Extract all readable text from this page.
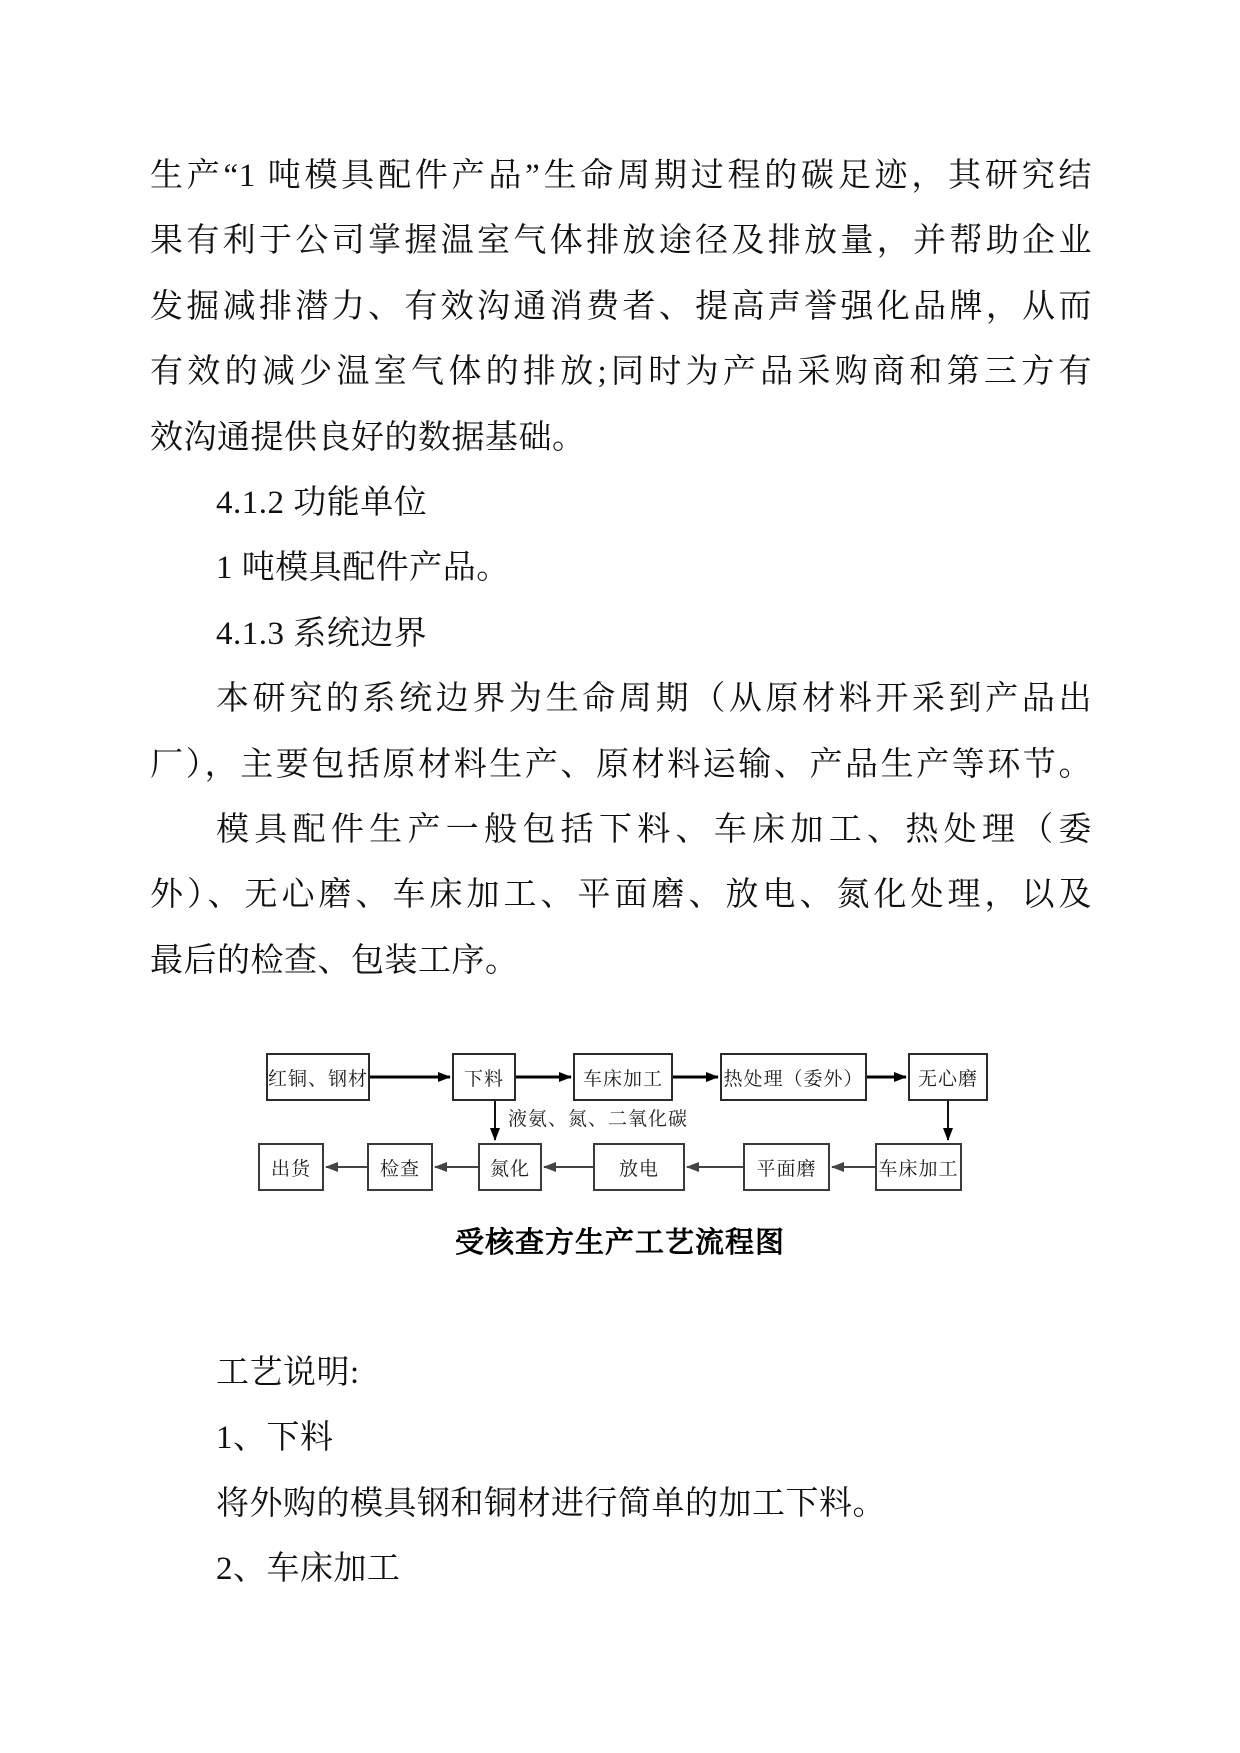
生产“1 吨模具配件产品”生命周期过程的碳足迹，其研究结
果有利于公司掌握温室气体排放途径及排放量，并帮助企业
发掘减排潜力、有效沟通消费者、提高声誉强化品牌，从而
有效的减少温室气体的排放;同时为产品采购商和第三方有
效沟通提供良好的数据基础。
4.1.2 功能单位
1 吨模具配件产品。
4.1.3 系统边界
本研究的系统边界为生命周期（从原材料开采到产品出
厂），主要包括原材料生产、原材料运输、产品生产等环节。
模具配件生产一般包括下料、车床加工、热处理（委
外）、无心磨、车床加工、平面磨、放电、氮化处理，以及
最后的检查、包装工序。
红铜、钢材	下料	车床加工	热处理（委外）	无心磨
液氨、氮、二氧化碳
出货	检查	氮化	放电	平面磨	车床加工
受核查方生产工艺流程图
工艺说明:
1、下料
将外购的模具钢和铜材进行简单的加工下料。
2、车床加工
